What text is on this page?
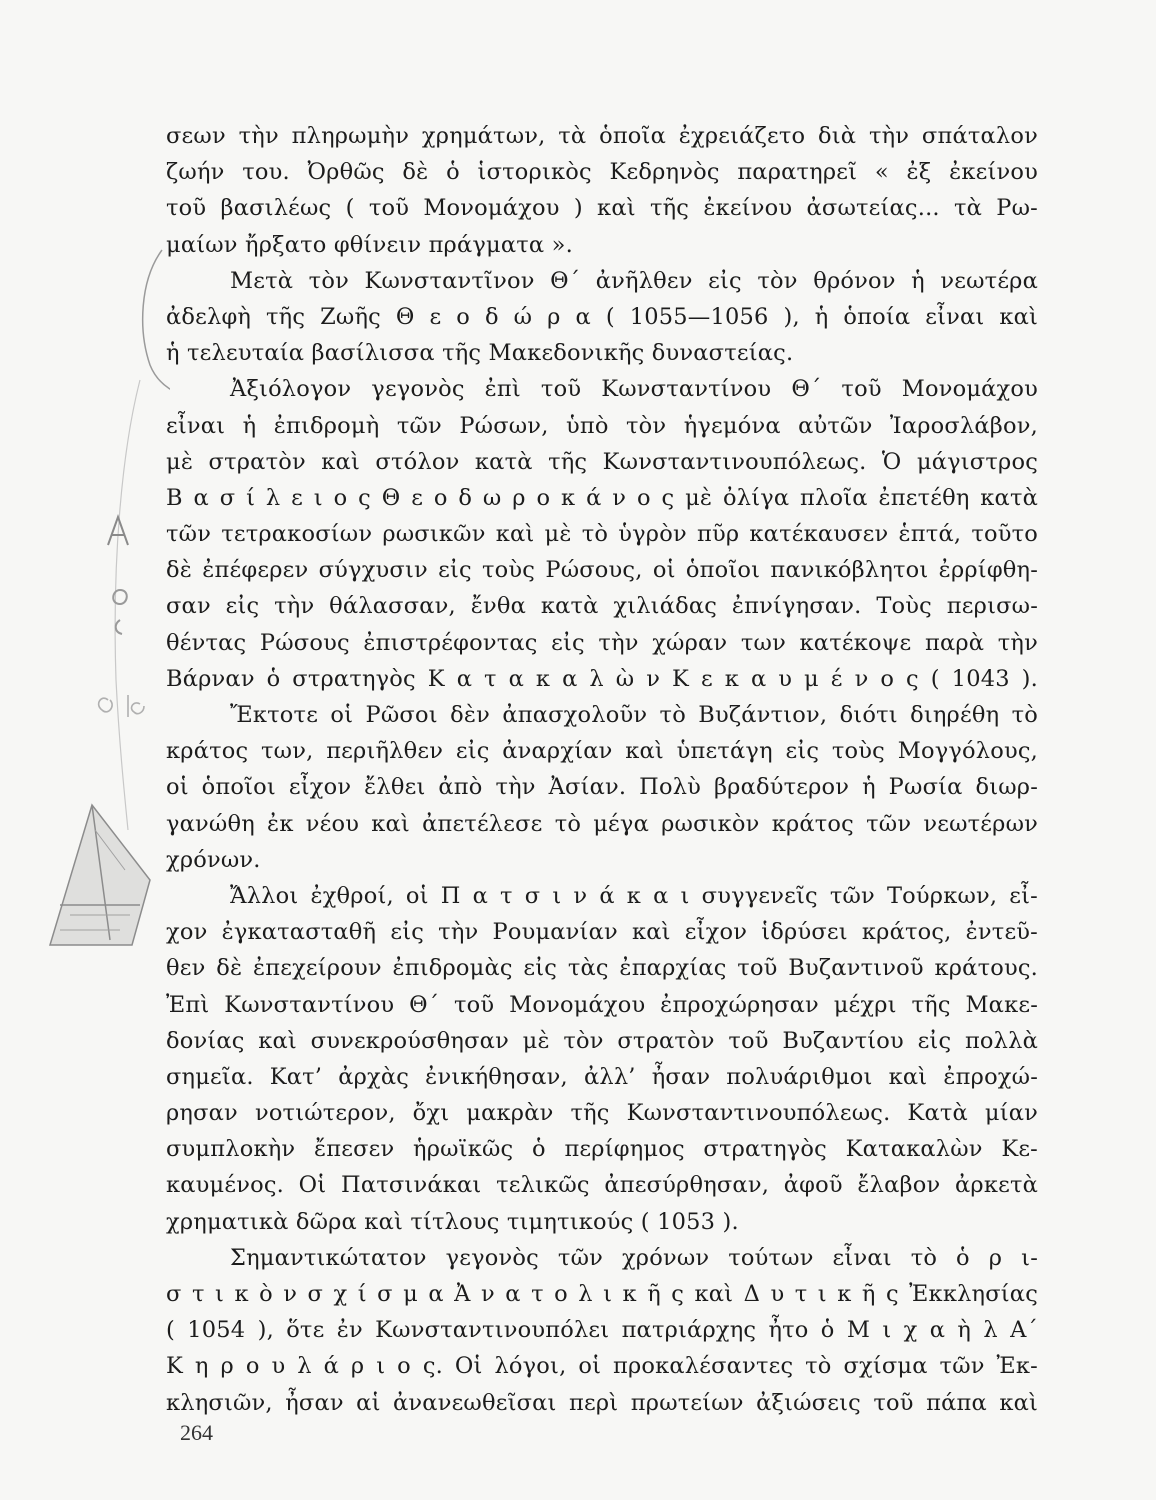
σεων τὴν πληρωμὴν χρημάτων, τὰ ὁποῖα ἐχρειάζετο διὰ τὴν σπάταλον
ζωήν του. Ὀρθῶς δὲ ὁ ἱστορικὸς Κεδρηνὸς παρατηρεῖ « ἐξ ἐκείνου
τοῦ βασιλέως ( τοῦ Μονομάχου ) καὶ τῆς ἐκείνου ἀσωτείας... τὰ Ρω-
μαίων ἤρξατο φθίνειν πράγματα ».
Μετὰ τὸν Κωνσταντῖνον Θ΄ ἀνῆλθεν εἰς τὸν θρόνον ἡ νεωτέρα
ἀδελφὴ τῆς Ζωῆς Θ ε ο δ ώ ρ α ( 1055—1056 ), ἡ ὁποία εἶναι καὶ
ἡ τελευταία βασίλισσα τῆς Μακεδονικῆς δυναστείας.
Ἀξιόλογον γεγονὸς ἐπὶ τοῦ Κωνσταντίνου Θ΄ τοῦ Μονομάχου
εἶναι ἡ ἐπιδρομὴ τῶν Ρώσων, ὑπὸ τὸν ἡγεμόνα αὐτῶν Ἰαροσλάβον,
μὲ στρατὸν καὶ στόλον κατὰ τῆς Κωνσταντινουπόλεως. Ὁ μάγιστρος
Β α σ ί λ ε ι ο ς Θ ε ο δ ω ρ ο κ ά ν ο ς μὲ ὀλίγα πλοῖα ἐπετέθη κατὰ
τῶν τετρακοσίων ρωσικῶν καὶ μὲ τὸ ὑγρὸν πῦρ κατέκαυσεν ἑπτά, τοῦτο
δὲ ἐπέφερεν σύγχυσιν εἰς τοὺς Ρώσους, οἱ ὁποῖοι πανικόβλητοι ἐρρίφθη-
σαν εἰς τὴν θάλασσαν, ἔνθα κατὰ χιλιάδας ἐπνίγησαν. Τοὺς περισω-
θέντας Ρώσους ἐπιστρέφοντας εἰς τὴν χώραν των κατέκοψε παρὰ τὴν
Βάρναν ὁ στρατηγὸς Κ α τ α κ α λ ὼ ν Κ ε κ α υ μ έ ν ο ς ( 1043 ).
Ἔκτοτε οἱ Ρῶσοι δὲν ἀπασχολοῦν τὸ Βυζάντιον, διότι διηρέθη τὸ
κράτος των, περιῆλθεν εἰς ἀναρχίαν καὶ ὑπετάγη εἰς τοὺς Μογγόλους,
οἱ ὁποῖοι εἶχον ἔλθει ἀπὸ τὴν Ἀσίαν. Πολὺ βραδύτερον ἡ Ρωσία διωρ-
γανώθη ἐκ νέου καὶ ἀπετέλεσε τὸ μέγα ρωσικὸν κράτος τῶν νεωτέρων
χρόνων.
Ἄλλοι ἐχθροί, οἱ Π α τ σ ι ν ά κ α ι συγγενεῖς τῶν Τούρκων, εἶ-
χον ἐγκατασταθῆ εἰς τὴν Ρουμανίαν καὶ εἶχον ἱδρύσει κράτος, ἐντεῦ-
θεν δὲ ἐπεχείρουν ἐπιδρομὰς εἰς τὰς ἐπαρχίας τοῦ Βυζαντινοῦ κράτους.
Ἐπὶ Κωνσταντίνου Θ΄ τοῦ Μονομάχου ἐπροχώρησαν μέχρι τῆς Μακε-
δονίας καὶ συνεκρούσθησαν μὲ τὸν στρατὸν τοῦ Βυζαντίου εἰς πολλὰ
σημεῖα. Κατ’ ἀρχὰς ἐνικήθησαν, ἀλλ’ ἦσαν πολυάριθμοι καὶ ἐπροχώ-
ρησαν νοτιώτερον, ὄχι μακρὰν τῆς Κωνσταντινουπόλεως. Κατὰ μίαν
συμπλοκὴν ἔπεσεν ἡρωϊκῶς ὁ περίφημος στρατηγὸς Κατακαλὼν Κε-
καυμένος. Οἱ Πατσινάκαι τελικῶς ἀπεσύρθησαν, ἀφοῦ ἔλαβον ἀρκετὰ
χρηματικὰ δῶρα καὶ τίτλους τιμητικούς ( 1053 ).
Σημαντικώτατον γεγονὸς τῶν χρόνων τούτων εἶναι τὸ ὁ ρ ι-
σ τ ι κ ὸ ν σ χ ί σ μ α Ἀ ν α τ ο λ ι κ ῆ ς καὶ Δ υ τ ι κ ῆ ς Ἐκκλησίας
( 1054 ), ὅτε ἐν Κωνσταντινουπόλει πατριάρχης ἦτο ὁ Μ ι χ α ὴ λ Α΄
Κ η ρ ο υ λ ά ρ ι ο ς. Οἱ λόγοι, οἱ προκαλέσαντες τὸ σχίσμα τῶν Ἐκ-
κλησιῶν, ἦσαν αἱ ἀνανεωθεῖσαι περὶ πρωτείων ἀξιώσεις τοῦ πάπα καὶ
264
